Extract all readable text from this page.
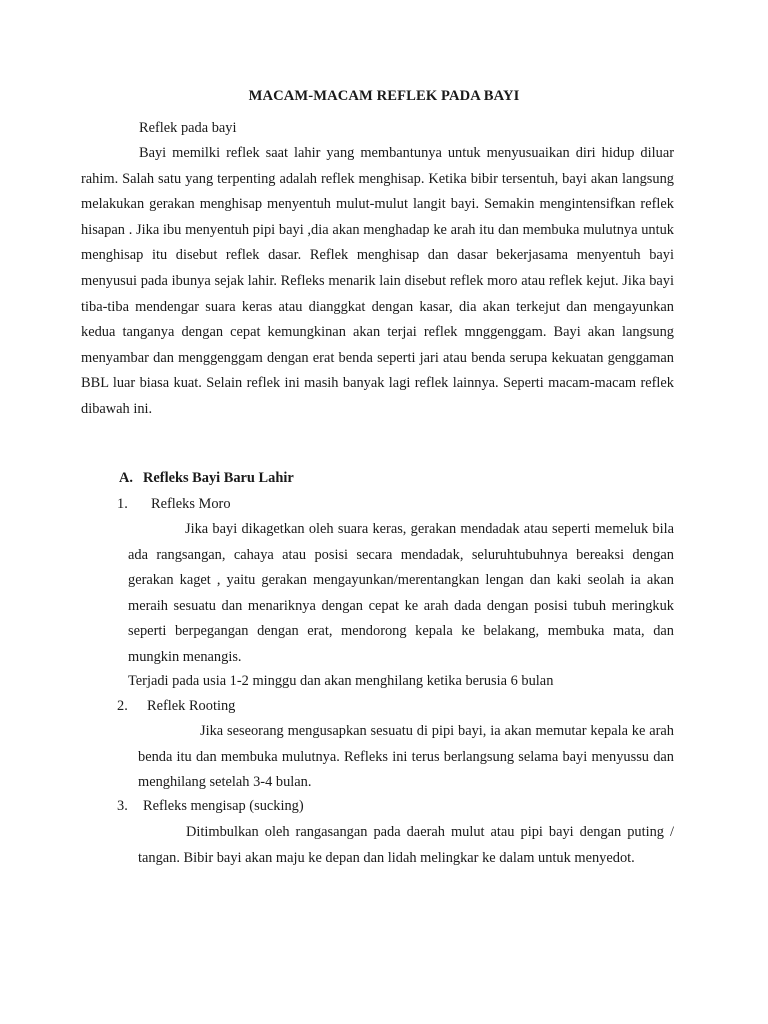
MACAM-MACAM REFLEK PADA BAYI
Reflek pada bayi
Bayi memilki reflek saat lahir yang membantunya untuk menyusuaikan diri hidup diluar rahim. Salah satu yang terpenting adalah reflek menghisap. Ketika bibir tersentuh, bayi akan langsung melakukan gerakan menghisap menyentuh mulut-mulut langit bayi. Semakin mengintensifkan reflek hisapan . Jika ibu menyentuh pipi bayi ,dia akan menghadap ke arah itu dan membuka mulutnya untuk menghisap itu disebut reflek dasar. Reflek menghisap dan dasar bekerjasama menyentuh bayi menyusui pada ibunya sejak lahir. Refleks menarik lain disebut reflek moro atau reflek kejut. Jika bayi tiba-tiba mendengar suara keras atau dianggkat dengan kasar, dia akan terkejut dan mengayunkan kedua tanganya dengan cepat kemungkinan akan terjai reflek mnggenggam. Bayi akan langsung menyambar dan menggenggam dengan erat benda seperti jari atau benda serupa kekuatan genggaman BBL luar biasa kuat. Selain reflek ini masih banyak lagi reflek lainnya. Seperti macam-macam reflek dibawah ini.
A. Refleks Bayi Baru Lahir
1. Refleks Moro
Jika bayi dikagetkan oleh suara keras, gerakan mendadak atau seperti memeluk bila ada rangsangan, cahaya atau posisi secara mendadak, seluruhtubuhnya bereaksi dengan gerakan kaget , yaitu gerakan mengayunkan/merentangkan lengan dan kaki seolah ia akan meraih sesuatu dan menariknya dengan cepat ke arah dada dengan posisi tubuh meringkuk seperti berpegangan dengan erat, mendorong kepala ke belakang, membuka mata, dan mungkin menangis.
Terjadi pada usia 1-2 minggu dan akan menghilang ketika berusia 6 bulan
2. Reflek Rooting
Jika seseorang mengusapkan sesuatu di pipi bayi, ia akan memutar kepala ke arah benda itu dan membuka mulutnya. Refleks ini terus berlangsung selama bayi menyussu dan menghilang setelah 3-4 bulan.
3. Refleks mengisap (sucking)
Ditimbulkan oleh rangasangan pada daerah mulut atau pipi bayi dengan puting / tangan. Bibir bayi akan maju ke depan dan lidah melingkar ke dalam untuk menyedot.
